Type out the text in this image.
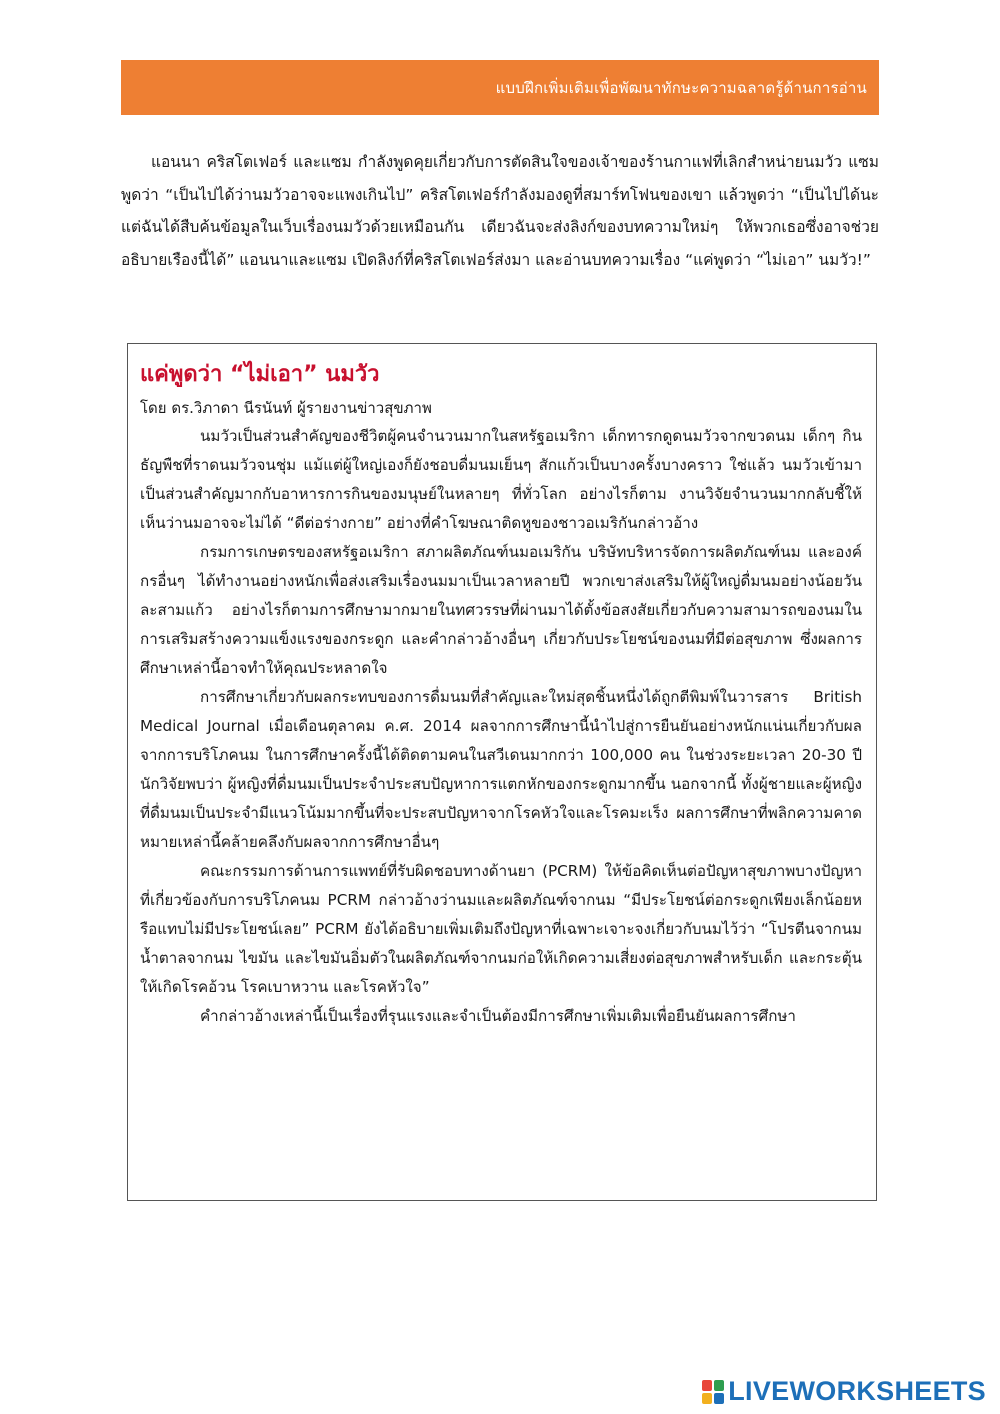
แบบฝึกเพิ่มเติมเพื่อพัฒนาทักษะความฉลาดรู้ด้านการอ่าน

แอนนา คริสโตเฟอร์ และแซม กำลังพูดคุยเกี่ยวกับการตัดสินใจของเจ้าของร้านกาแฟที่เลิกสำหน่ายนมวัว แซมพูดว่า “เป็นไปได้ว่านมวัวอาจจะแพงเกินไป” คริสโตเฟอร์กำลังมองดูที่สมาร์ทโฟนของเขา แล้วพูดว่า “เป็นไปได้นะ แต่ฉันได้สืบค้นข้อมูลในเว็บเรื่องนมวัวด้วยเหมือนกัน เดียวฉันจะส่งลิงก์ของบทความใหม่ๆ ให้พวกเธอซึ่งอาจช่วยอธิบายเรืองนี้ได้” แอนนาและแซม เปิดลิงก์ที่คริสโตเฟอร์ส่งมา และอ่านบทความเรื่อง “แค่พูดว่า “ไม่เอา” นมวัว!”

แค่พูดว่า “ไม่เอา” นมวัว
โดย ดร.วิภาดา นีรนันท์ ผู้รายงานข่าวสุขภาพ

นมวัวเป็นส่วนสำคัญของชีวิตผู้คนจำนวนมากในสหรัฐอเมริกา เด็กทารกดูดนมวัวจากขวดนม เด็กๆ กินธัญพืชที่ราดนมวัวจนชุ่ม แม้แต่ผู้ใหญ่เองก็ยังชอบดื่มนมเย็นๆ สักแก้วเป็นบางครั้งบางคราว ใช่แล้ว นมวัวเข้ามาเป็นส่วนสำคัญมากกับอาหารการกินของมนุษย์ในหลายๆ ที่ทั่วโลก อย่างไรก็ตาม งานวิจัยจำนวนมากกลับชี้ให้เห็นว่านมอาจจะไม่ได้ “ดีต่อร่างกาย” อย่างที่คำโฆษณาติดหูของชาวอเมริกันกล่าวอ้าง

กรมการเกษตรของสหรัฐอเมริกา สภาผลิตภัณฑ์นมอเมริกัน บริษัทบริหารจัดการผลิตภัณฑ์นม และองค์กรอื่นๆ ได้ทำงานอย่างหนักเพื่อส่งเสริมเรื่องนมมาเป็นเวลาหลายปี พวกเขาส่งเสริมให้ผู้ใหญ่ดื่มนมอย่างน้อยวันละสามแก้ว อย่างไรก็ตามการศึกษามากมายในทศวรรษที่ผ่านมาได้ตั้งข้อสงสัยเกี่ยวกับความสามารถของนมในการเสริมสร้างความแข็งแรงของกระดูก และคำกล่าวอ้างอื่นๆ เกี่ยวกับประโยชน์ของนมที่มีต่อสุขภาพ ซึ่งผลการศึกษาเหล่านี้อาจทำให้คุณประหลาดใจ

การศึกษาเกี่ยวกับผลกระทบของการดื่มนมที่สำคัญและใหม่สุดชิ้นหนึ่งได้ถูกตีพิมพ์ในวารสาร British Medical Journal เมื่อเดือนตุลาคม ค.ศ. 2014 ผลจากการศึกษานี้นำไปสู่การยืนยันอย่างหนักแน่นเกี่ยวกับผลจากการบริโภคนม ในการศึกษาครั้งนี้ได้ติดตามคนในสวีเดนมากกว่า 100,000 คน ในช่วงระยะเวลา 20-30 ปี นักวิจัยพบว่า ผู้หญิงที่ดื่มนมเป็นประจำประสบปัญหาการแตกหักของกระดูกมากขึ้น นอกจากนี้ ทั้งผู้ชายและผู้หญิงที่ดื่มนมเป็นประจำมีแนวโน้มมากขึ้นที่จะประสบปัญหาจากโรคหัวใจและโรคมะเร็ง ผลการศึกษาที่พลิกความคาดหมายเหล่านี้คล้ายคลึงกับผลจากการศึกษาอื่นๆ

คณะกรรมการด้านการแพทย์ที่รับผิดชอบทางด้านยา (PCRM) ให้ข้อคิดเห็นต่อปัญหาสุขภาพบางปัญหาที่เกี่ยวข้องกับการบริโภคนม PCRM กล่าวอ้างว่านมและผลิตภัณฑ์จากนม “มีประโยชน์ต่อกระดูกเพียงเล็กน้อยหรือแทบไม่มีประโยชน์เลย” PCRM ยังได้อธิบายเพิ่มเติมถึงปัญหาที่เฉพาะเจาะจงเกี่ยวกับนมไว้ว่า “โปรตีนจากนม น้ำตาลจากนม ไขมัน และไขมันอิ่มตัวในผลิตภัณฑ์จากนมก่อให้เกิดความเสี่ยงต่อสุขภาพสำหรับเด็ก และกระตุ้นให้เกิดโรคอ้วน โรคเบาหวาน และโรคหัวใจ”

คำกล่าวอ้างเหล่านี้เป็นเรื่องที่รุนแรงและจำเป็นต้องมีการศึกษาเพิ่มเติมเพื่อยืนยันผลการศึกษา

LIVEWORKSHEETS
